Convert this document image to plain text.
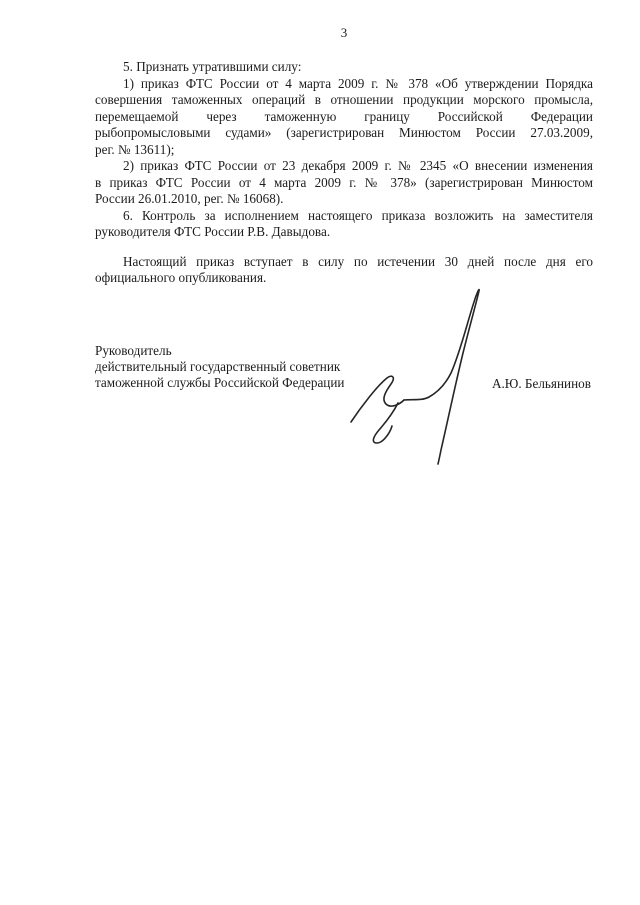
3
5. Признать утратившими силу:
1) приказ ФТС России от 4 марта 2009 г. № 378 «Об утверждении Порядка
совершения таможенных операций в отношении продукции морского промысла,
перемещаемой через таможенную границу Российской Федерации
рыбопромысловыми судами» (зарегистрирован Минюстом России 27.03.2009,
рег. № 13611);
2) приказ ФТС России от 23 декабря 2009 г. № 2345 «О внесении изменения
в приказ ФТС России от 4 марта 2009 г. № 378» (зарегистрирован Минюстом
России 26.01.2010, рег. № 16068).
6. Контроль за исполнением настоящего приказа возложить на заместителя
руководителя ФТС России Р.В. Давыдова.
Настоящий приказ вступает в силу по истечении 30 дней после дня его
официального опубликования.
Руководитель
действительный государственный советник
таможенной службы Российской Федерации	А.Ю. Бельянинов
